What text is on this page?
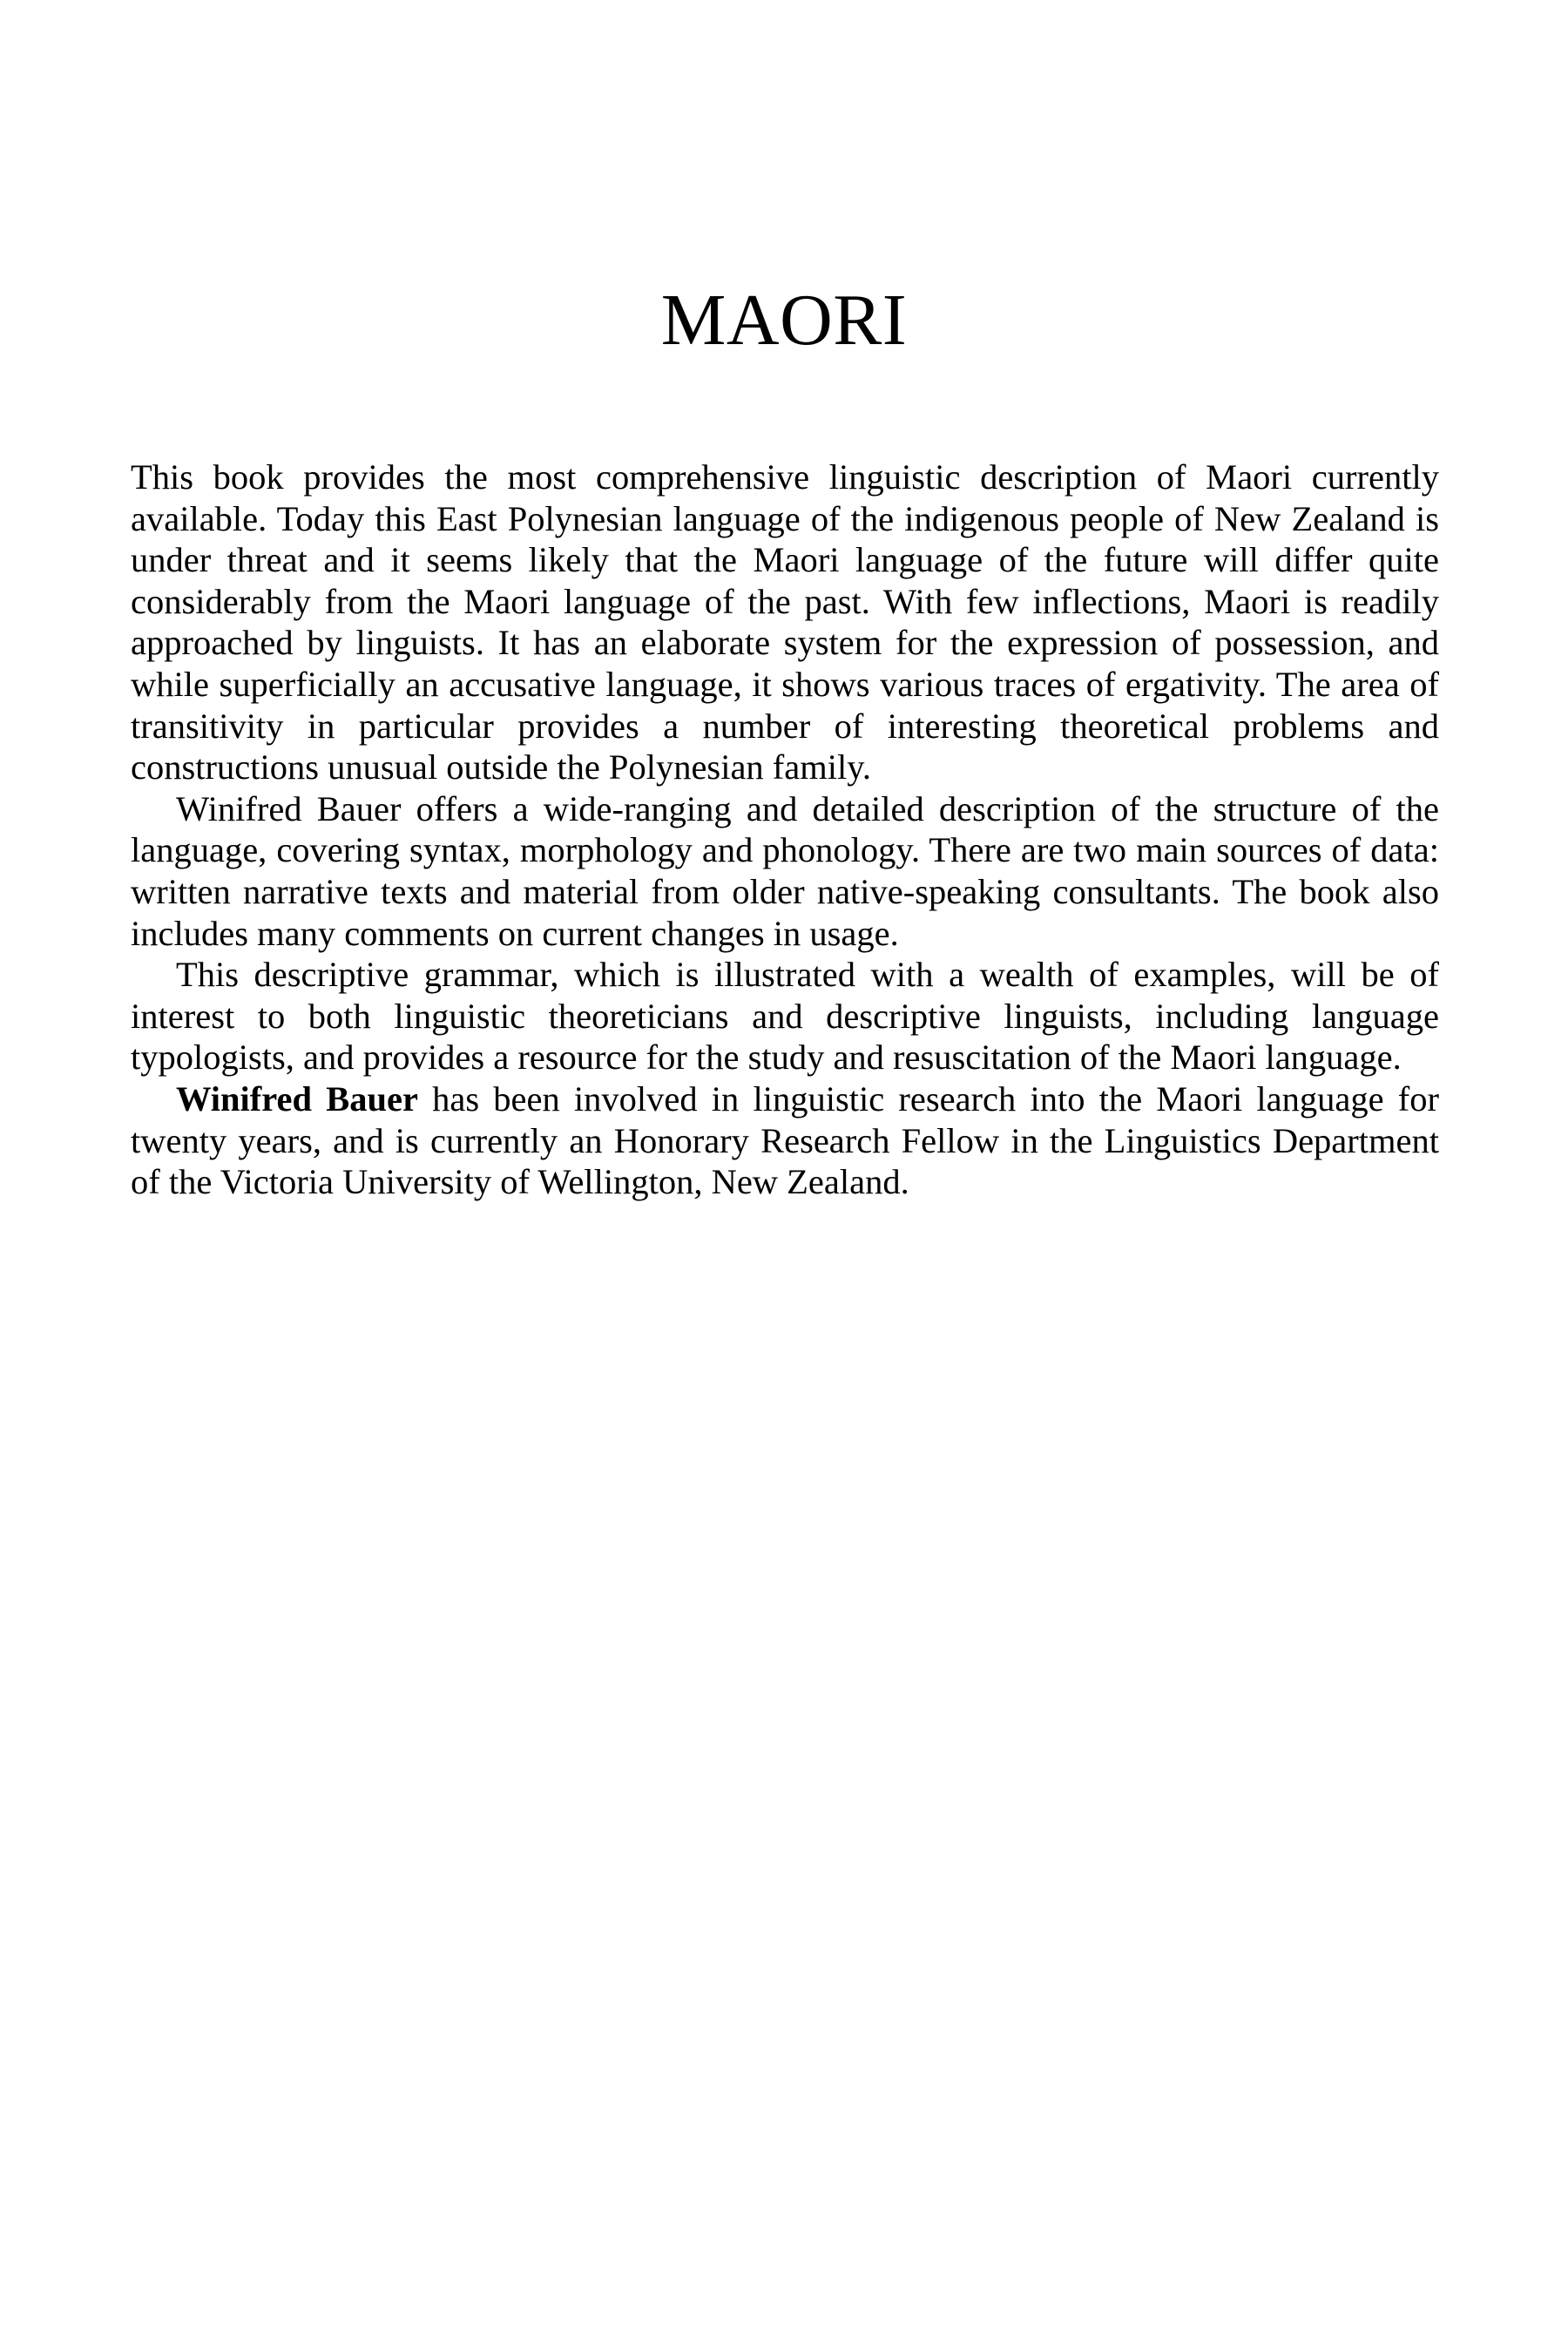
MAORI

This book provides the most comprehensive linguistic description of Maori currently available. Today this East Polynesian language of the indigenous people of New Zealand is under threat and it seems likely that the Maori language of the future will differ quite considerably from the Maori language of the past. With few inflections, Maori is readily approached by linguists. It has an elaborate system for the expression of possession, and while superficially an accusative language, it shows various traces of ergativity. The area of transitivity in particular provides a number of interesting theoretical problems and constructions unusual outside the Polynesian family.

Winifred Bauer offers a wide-ranging and detailed description of the structure of the language, covering syntax, morphology and phonology. There are two main sources of data: written narrative texts and material from older native-speaking consultants. The book also includes many comments on current changes in usage.

This descriptive grammar, which is illustrated with a wealth of examples, will be of interest to both linguistic theoreticians and descriptive linguists, including language typologists, and provides a resource for the study and resuscitation of the Maori language.

Winifred Bauer has been involved in linguistic research into the Maori language for twenty years, and is currently an Honorary Research Fellow in the Linguistics Department of the Victoria University of Wellington, New Zealand.
